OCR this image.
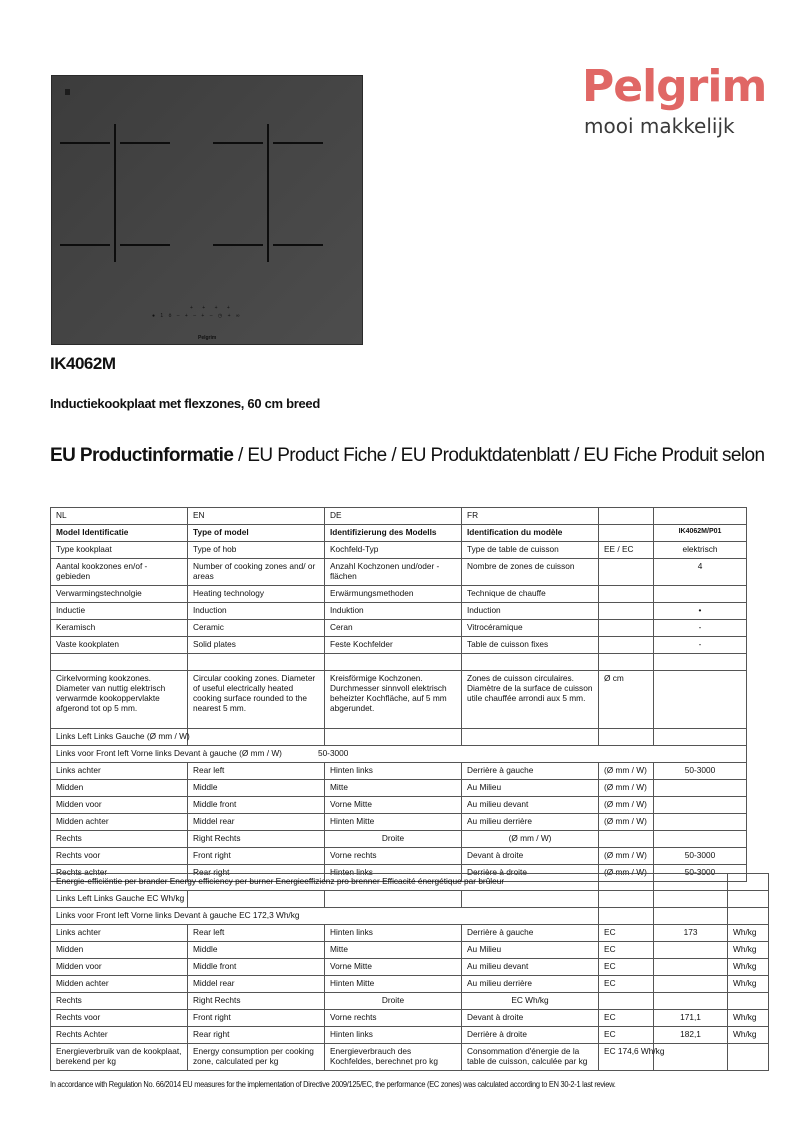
+ + + +
● 1 ö – + – + – ◷ + ∞
Pelgrim
Pelgrim
mooi makkelijk
IK4062M
Inductiekookplaat met flexzones, 60 cm breed
EU Productinformatie / EU Product Fiche / EU Produktdatenblatt / EU Fiche Produit selon
NL	EN	DE	FR		
Model Identificatie	Type of model	Identifizierung des Modells	Identification du modèle		IK4062M/P01
Type kookplaat	Type of hob	Kochfeld-Typ	Type de table de cuisson	EE / EC	elektrisch
Aantal kookzones en/of - gebieden	Number of cooking zones and/ or areas	Anzahl Kochzonen und/oder -flächen	Nombre de zones de cuisson		4
Verwarmingstechnolgie	Heating technology	Erwärmungsmethoden	Technique de chauffe		
Inductie	Induction	Induktion	Induction		•
Keramisch	Ceramic	Ceran	Vitrocéramique		-
Vaste kookplaten	Solid plates	Feste Kochfelder	Table de cuisson fixes		-

Cirkelvorming kookzones. Diameter van nuttig elektrisch verwarmde kookoppervlakte afgerond tot op 5 mm.	Circular cooking zones. Diameter of useful electrically heated cooking surface rounded to the nearest 5 mm.	Kreisförmige Kochzonen. Durchmesser sinnvoll elektrisch beheizter Kochfläche, auf 5 mm abgerundet.	Zones de cuisson circulaires. Diamètre de la surface de cuisson utile chauffée arrondi aux 5 mm.	Ø cm	
Links Left Links Gauche (Ø mm / W)					
Links voor Front left Vorne links Devant à gauche (Ø mm / W) 50-3000					
Links achter	Rear left	Hinten links	Derrière à gauche	(Ø mm / W)	50-3000
Midden	Middle	Mitte	Au Milieu	(Ø mm / W)	
Midden voor	Middle front	Vorne Mitte	Au milieu devant	(Ø mm / W)	
Midden achter	Middel rear	Hinten Mitte	Au milieu derrière	(Ø mm / W)	
Rechts	Right Rechts	Droite	(Ø mm / W)		
Rechts voor	Front right	Vorne rechts	Devant à droite	(Ø mm / W)	50-3000
Rechts achter	Rear right	Hinten links	Derrière à droite	(Ø mm / W)	50-3000
Energie-efficiëntie per brander Energy efficiency per burner Energieeffizienz pro brenner Efficacité énergétique par brûleur						
Links Left Links Gauche EC Wh/kg						
Links voor Front left Vorne links Devant à gauche EC 172,3 Wh/kg						
Links achter	Rear left	Hinten links	Derrière à gauche	EC	173	Wh/kg
Midden	Middle	Mitte	Au Milieu	EC		Wh/kg
Midden voor	Middle front	Vorne Mitte	Au milieu devant	EC		Wh/kg
Midden achter	Middel rear	Hinten Mitte	Au milieu derrière	EC		Wh/kg
Rechts	Right Rechts	Droite	EC Wh/kg			
Rechts voor	Front right	Vorne rechts	Devant à droite	EC	171,1	Wh/kg
Rechts Achter	Rear right	Hinten links	Derrière à droite	EC	182,1	Wh/kg
Energieverbruik van de kookplaat, berekend per kg	Energy consumption per cooking zone, calculated per kg	Energieverbrauch des Kochfeldes, berechnet pro kg	Consommation d'énergie de la table de cuisson, calculée par kg	EC 174,6 Wh/kg		
In accordance with Regulation No. 66/2014 EU measures for the implementation of Directive 2009/125/EC, the performance (EC zones) was calculated according to EN 30-2-1 last review.
